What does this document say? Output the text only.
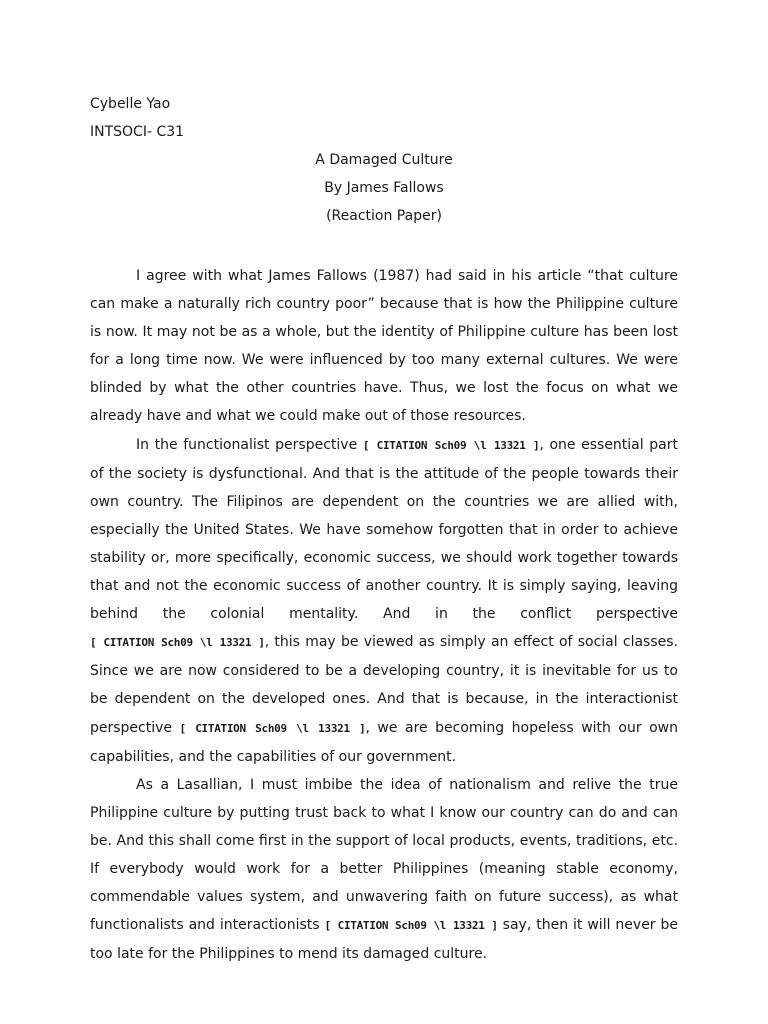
Cybelle Yao
INTSOCI- C31
A Damaged Culture
By James Fallows
(Reaction Paper)

I agree with what James Fallows (1987) had said in his article “that culture can make a naturally rich country poor” because that is how the Philippine culture is now. It may not be as a whole, but the identity of Philippine culture has been lost for a long time now. We were influenced by too many external cultures. We were blinded by what the other countries have. Thus, we lost the focus on what we already have and what we could make out of those resources.

In the functionalist perspective [ CITATION Sch09 \l 13321 ], one essential part of the society is dysfunctional. And that is the attitude of the people towards their own country. The Filipinos are dependent on the countries we are allied with, especially the United States. We have somehow forgotten that in order to achieve stability or, more specifically, economic success, we should work together towards that and not the economic success of another country. It is simply saying, leaving behind the colonial mentality. And in the conflict perspective [ CITATION Sch09 \l 13321 ], this may be viewed as simply an effect of social classes. Since we are now considered to be a developing country, it is inevitable for us to be dependent on the developed ones. And that is because, in the interactionist perspective [ CITATION Sch09 \l 13321 ], we are becoming hopeless with our own capabilities, and the capabilities of our government.

As a Lasallian, I must imbibe the idea of nationalism and relive the true Philippine culture by putting trust back to what I know our country can do and can be. And this shall come first in the support of local products, events, traditions, etc. If everybody would work for a better Philippines (meaning stable economy, commendable values system, and unwavering faith on future success), as what functionalists and interactionists [ CITATION Sch09 \l 13321 ] say, then it will never be too late for the Philippines to mend its damaged culture.
